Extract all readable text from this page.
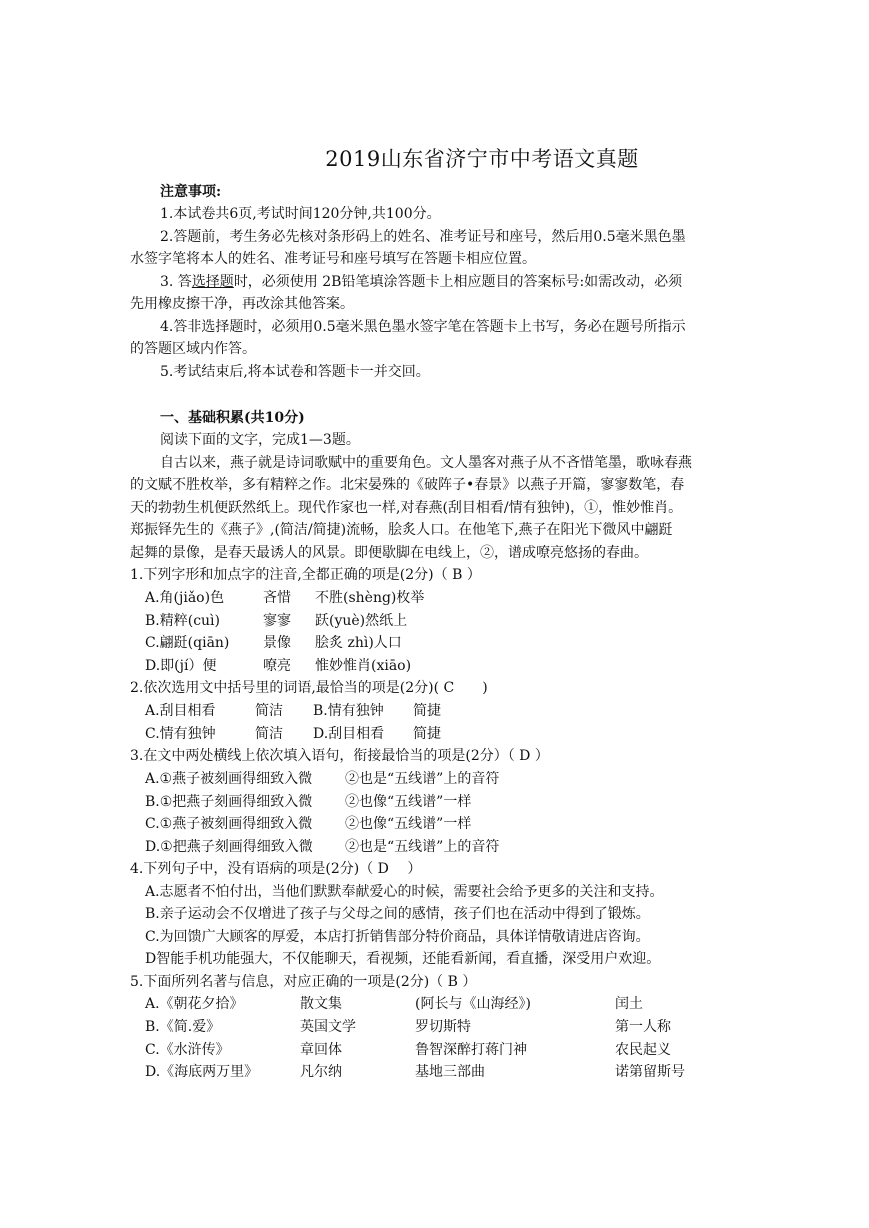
2019山东省济宁市中考语文真题
注意事项:
1.本试卷共6页,考试时间120分钟,共100分。
2.答题前，考生务必先核对条形码上的姓名、准考证号和座号，然后用0.5毫米黑色墨
水签字笔将本人的姓名、准考证号和座号填写在答题卡相应位置。
3. 答选择题时，必须使用 2B铅笔填涂答题卡上相应题目的答案标号:如需改动，必须
先用橡皮擦干净，再改涂其他答案。
4.答非选择题时，必须用0.5毫米黑色墨水签字笔在答题卡上书写，务必在题号所指示
的答题区域内作答。
5.考试结束后,将本试卷和答题卡一并交回。
一、基础积累(共10分)
阅读下面的文字，完成1—3题。
自古以来，燕子就是诗词歌赋中的重要角色。文人墨客对燕子从不吝惜笔墨，歌咏春燕
的文赋不胜枚举，多有精粹之作。北宋晏殊的《破阵子•春景》以燕子开篇，寥寥数笔，春
天的勃勃生机便跃然纸上。现代作家也一样,对春燕(刮目相看/情有独钟)，①，惟妙惟肖。
郑振铎先生的《燕子》,(简洁/简捷)流畅，脍炙人口。在他笔下,燕子在阳光下微风中翩跹
起舞的景像，是春天最诱人的风景。即便歇脚在电线上，②，谱成嘹亮悠扬的春曲。
1.下列字形和加点字的注音,全都正确的项是(2分)（ B ）
A.角(jiǎo)色	吝惜 不胜(shèng)枚举
B.精粹(cuì)	寥寥 跃(yuè)然纸上
C.翩跹(qiān) 景像 脍炙 zhì)人口
D.即(jí）便	嘹亮 惟妙惟肖(xiāo)
2.依次选用文中括号里的词语,最恰当的项是(2分)( C　　)
A.刮目相看	简洁 B.情有独钟 简捷
C.情有独钟	简洁 D.刮目相看 简捷
3.在文中两处横线上依次填入语句，衔接最恰当的项是(2分）（ D ）
A.①燕子被刻画得细致入微 ②也是“五线谱”上的音符
B.①把燕子刻画得细致入微 ②也像“五线谱”一样
C.①燕子被刻画得细致入微 ②也像“五线谱”一样
D.①把燕子刻画得细致入微 ②也是“五线谱”上的音符
4.下列句子中，没有语病的项是(2分)（ D　 ）
A.志愿者不怕付出，当他们默默奉献爱心的时候，需要社会给予更多的关注和支持。
B.亲子运动会不仅增进了孩子与父母之间的感情，孩子们也在活动中得到了锻炼。
C.为回馈广大顾客的厚爱，本店打折销售部分特价商品，具体详情敬请进店咨询。
D智能手机功能强大，不仅能聊天，看视频，还能看新闻，看直播，深受用户欢迎。
5.下面所列名著与信息，对应正确的一项是(2分)（ B ）
A.《朝花夕拾》	散文集	(阿长与《山海经》)	闰土
B.《简.爱》	英国文学	罗切斯特	第一人称
C.《水浒传》	章回体	鲁智深醉打蒋门神	农民起义
D.《海底两万里》	凡尔纳	基地三部曲	诺第留斯号
